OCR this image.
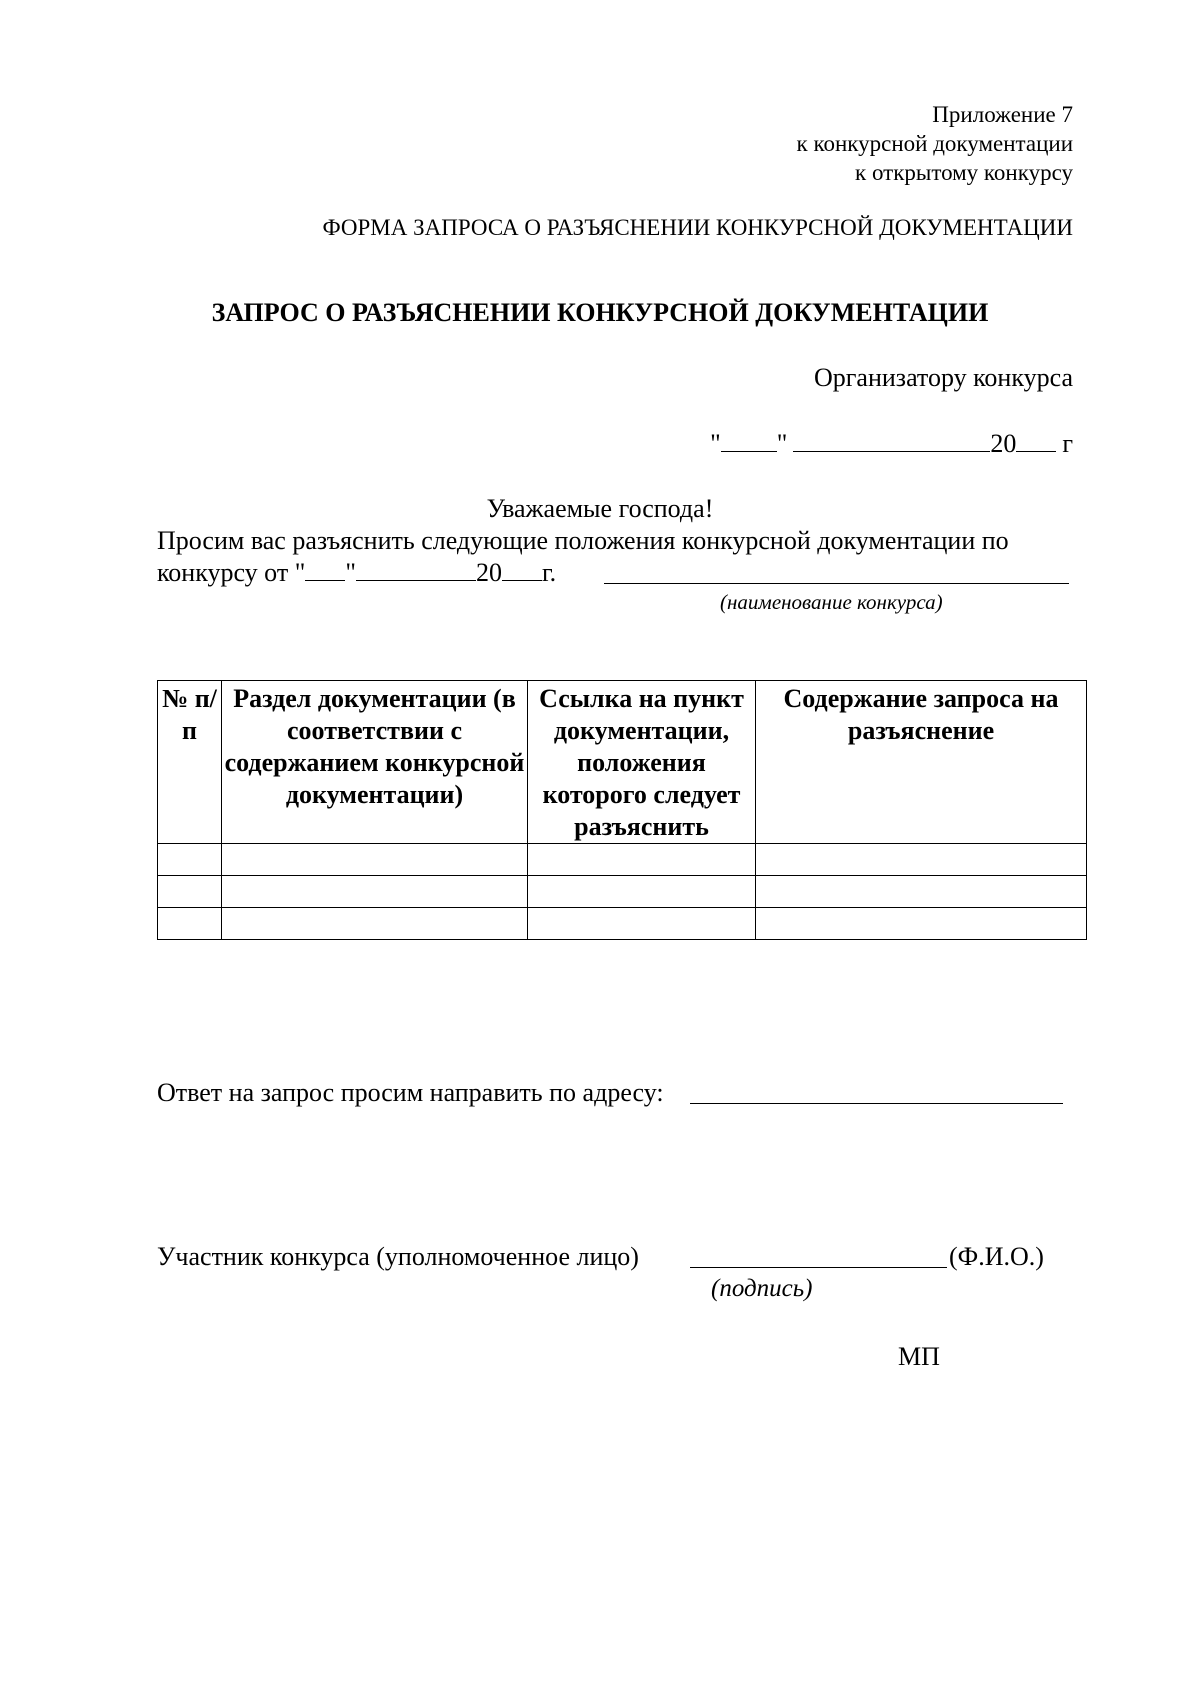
Приложение 7
к конкурсной документации
к открытому конкурсу
ФОРМА ЗАПРОСА О РАЗЪЯСНЕНИИ КОНКУРСНОЙ ДОКУМЕНТАЦИИ
ЗАПРОС О РАЗЪЯСНЕНИИ КОНКУРСНОЙ ДОКУМЕНТАЦИИ
Организатору конкурса
" "	20 г
Уважаемые господа!
Просим вас разъяснить следующие положения конкурсной документации по
конкурсу от " "	20 г.
(наименование конкурса)
№ п/п	Раздел документации (в соответствии с содержанием конкурсной документации)	Ссылка на пункт документации, положения которого следует разъяснить	Содержание запроса на разъяснение

Ответ на запрос просим направить по адресу:
Участник конкурса (уполномоченное лицо)	(Ф.И.О.)
(подпись)
МП
